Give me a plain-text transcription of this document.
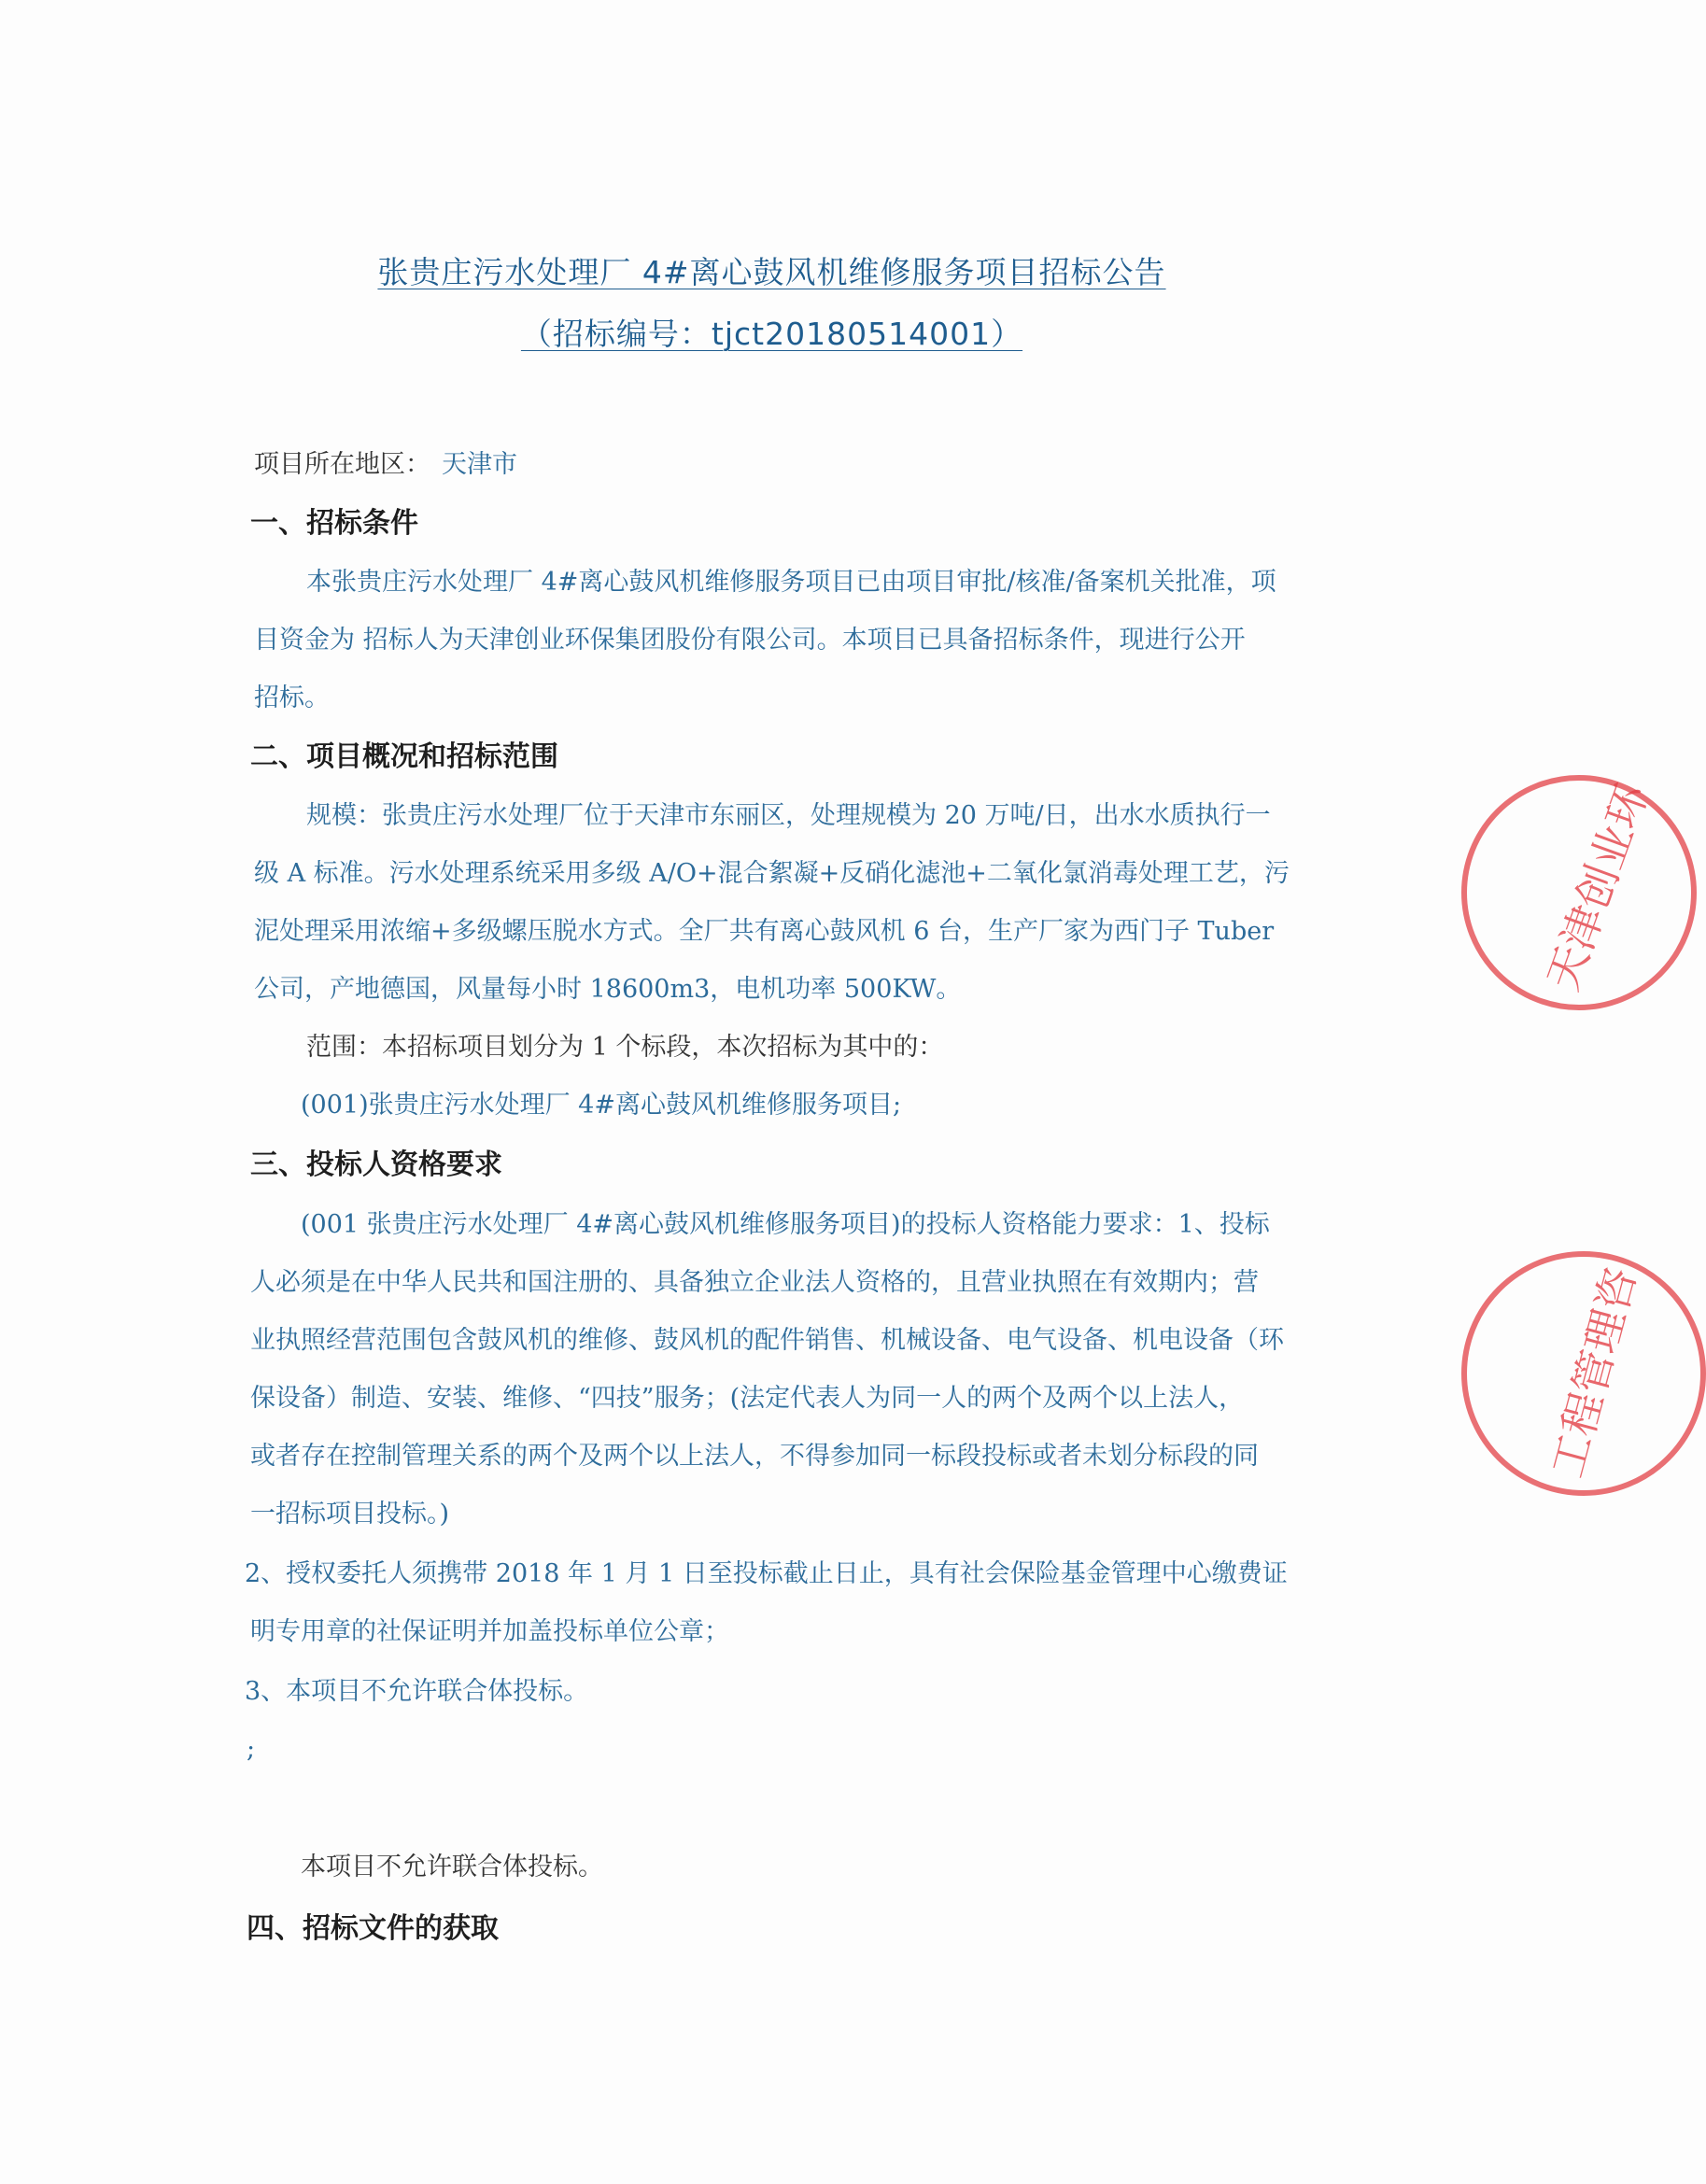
张贵庄污水处理厂 4#离心鼓风机维修服务项目招标公告
（招标编号：tjct20180514001）
项目所在地区： 天津市
一、招标条件
本张贵庄污水处理厂 4#离心鼓风机维修服务项目已由项目审批/核准/备案机关批准，项
目资金为 招标人为天津创业环保集团股份有限公司。本项目已具备招标条件，现进行公开
招标。
二、项目概况和招标范围
规模：张贵庄污水处理厂位于天津市东丽区，处理规模为 20 万吨/日，出水水质执行一
级 A 标准。污水处理系统采用多级 A/O+混合絮凝+反硝化滤池+二氧化氯消毒处理工艺，污
泥处理采用浓缩+多级螺压脱水方式。全厂共有离心鼓风机 6 台，生产厂家为西门子 Tuber
公司，产地德国，风量每小时 18600m3，电机功率 500KW。
范围：本招标项目划分为 1 个标段，本次招标为其中的：
(001)张贵庄污水处理厂 4#离心鼓风机维修服务项目;
三、投标人资格要求
(001 张贵庄污水处理厂 4#离心鼓风机维修服务项目)的投标人资格能力要求：1、投标
人必须是在中华人民共和国注册的、具备独立企业法人资格的，且营业执照在有效期内；营
业执照经营范围包含鼓风机的维修、鼓风机的配件销售、机械设备、电气设备、机电设备（环
保设备）制造、安装、维修、“四技”服务；(法定代表人为同一人的两个及两个以上法人，
或者存在控制管理关系的两个及两个以上法人，不得参加同一标段投标或者未划分标段的同
一招标项目投标。)
2、授权委托人须携带 2018 年 1 月 1 日至投标截止日止，具有社会保险基金管理中心缴费证
明专用章的社保证明并加盖投标单位公章；
3、本项目不允许联合体投标。
;
本项目不允许联合体投标。
四、招标文件的获取
天津创业环
工程管理咨
